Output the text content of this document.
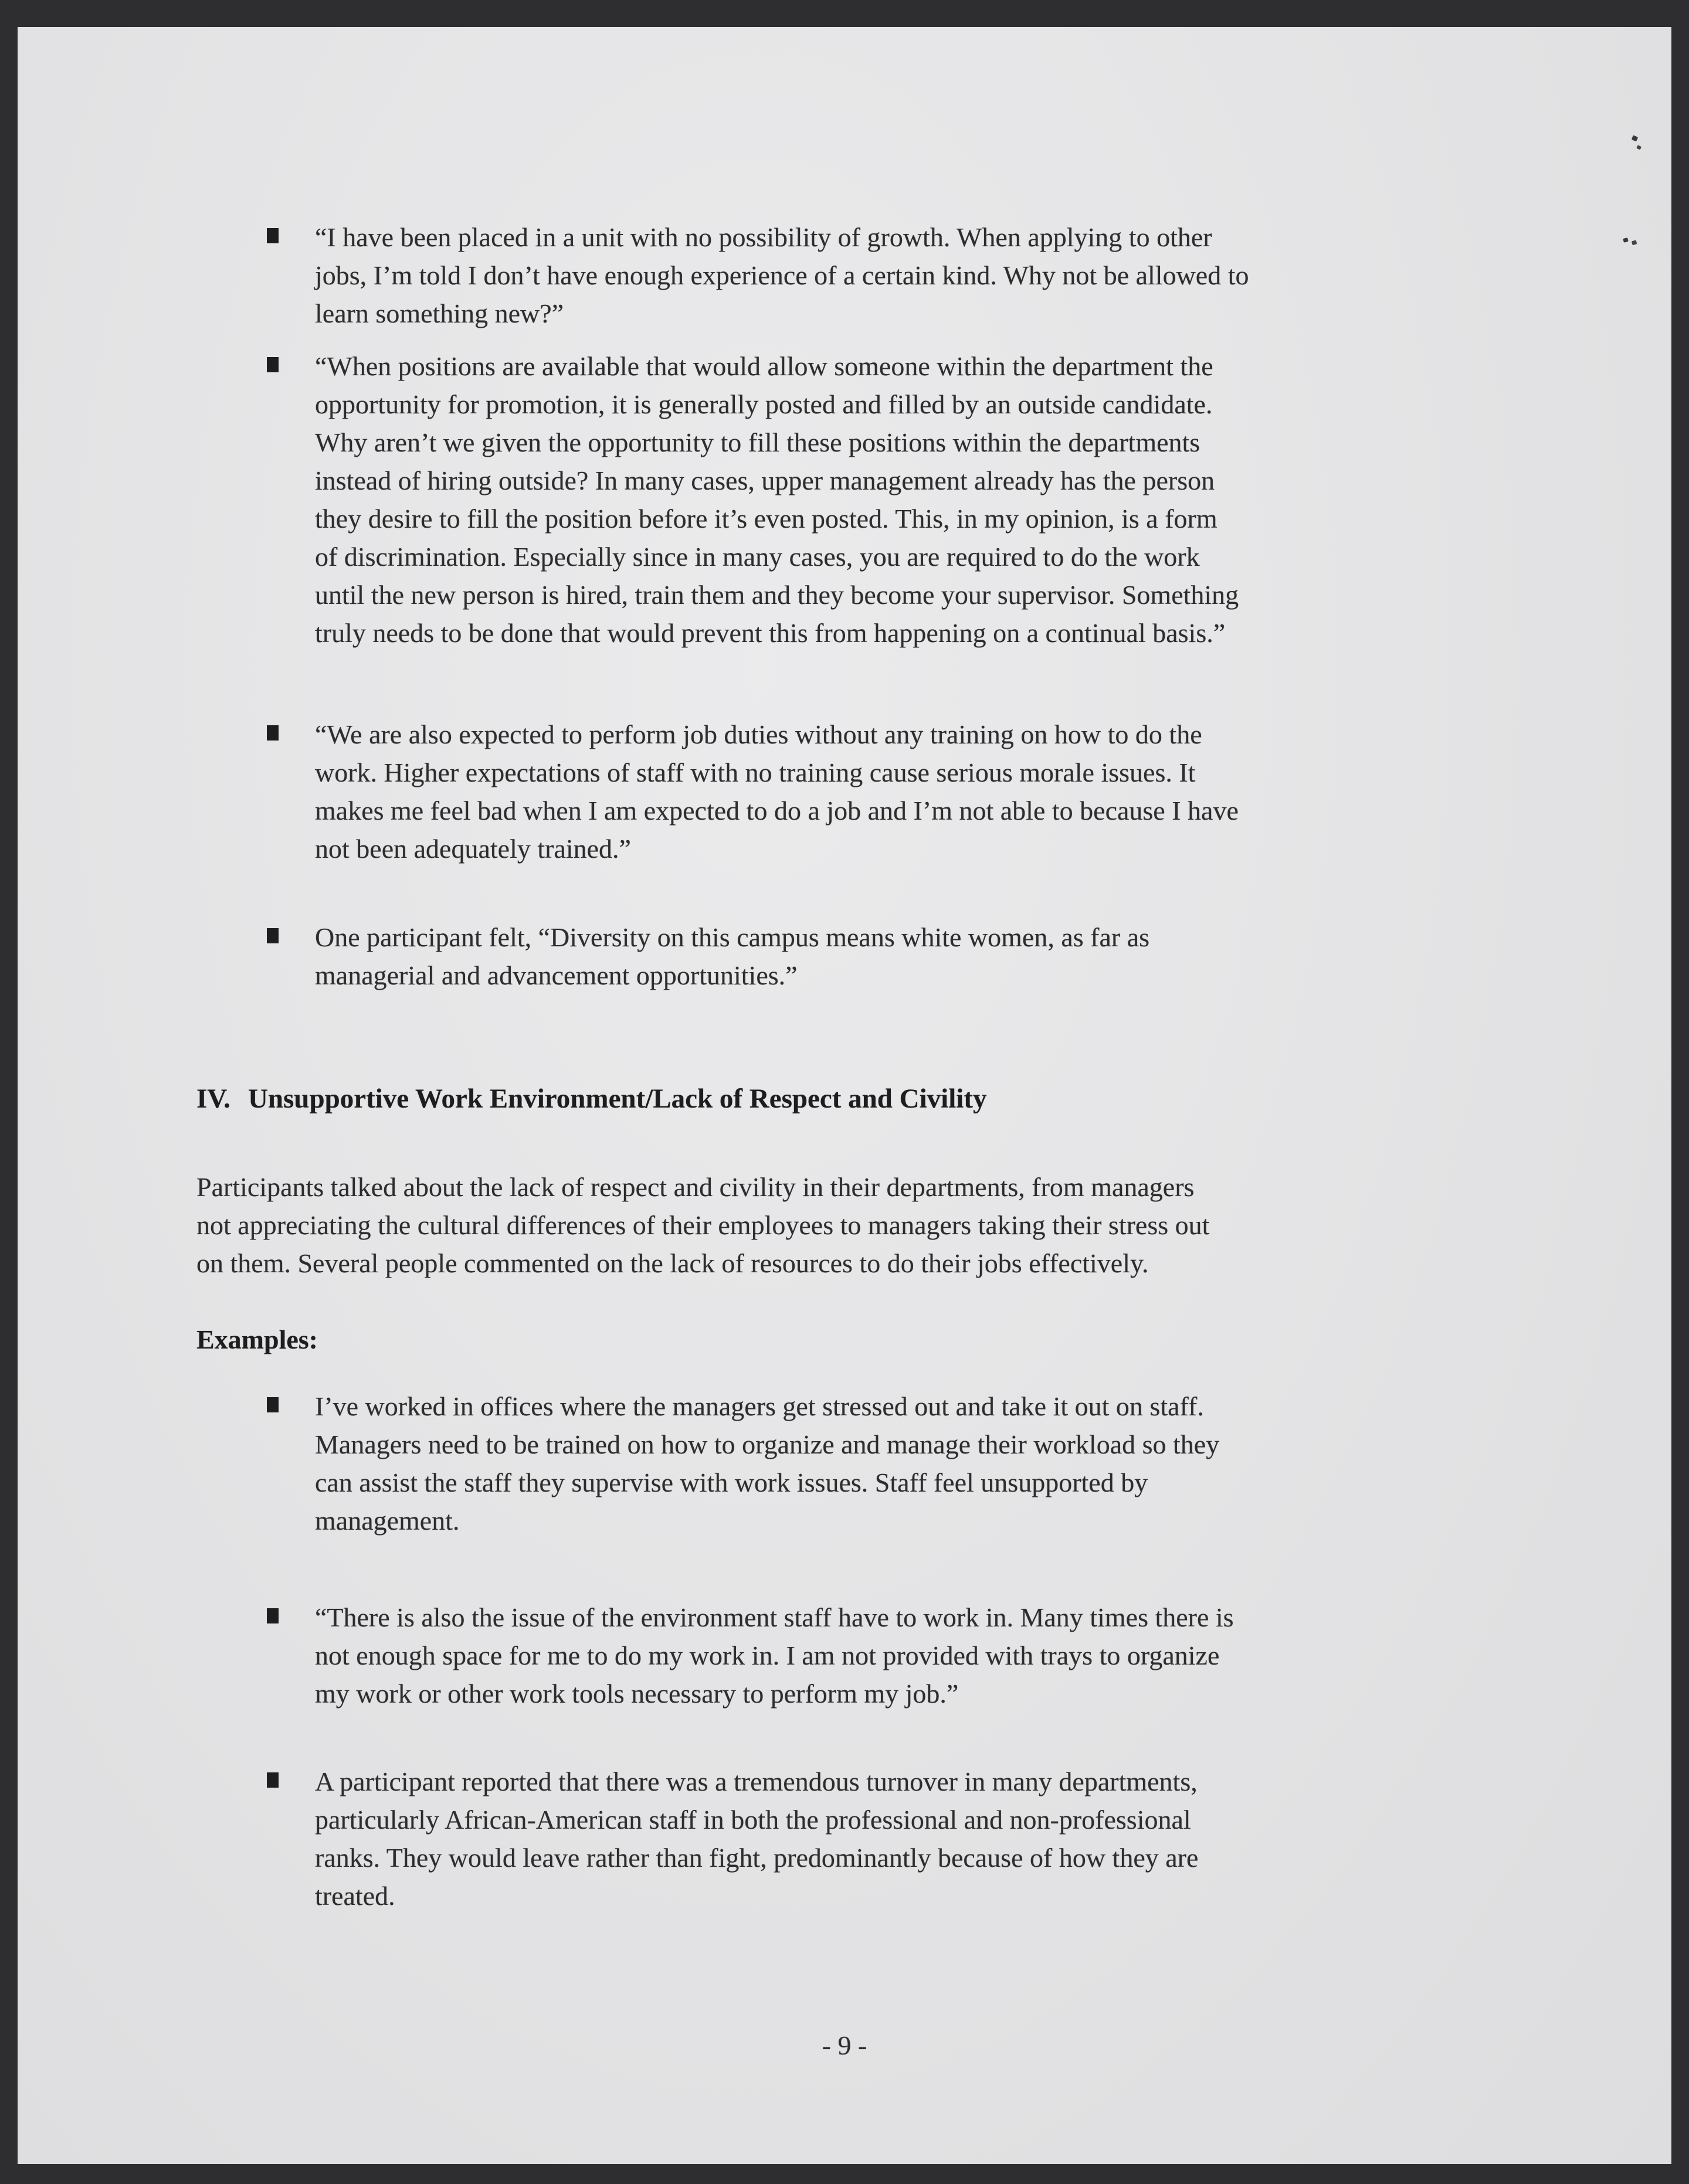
“I have been placed in a unit with no possibility of growth. When applying to other
jobs, I’m told I don’t have enough experience of a certain kind. Why not be allowed to
learn something new?”
“When positions are available that would allow someone within the department the
opportunity for promotion, it is generally posted and filled by an outside candidate.
Why aren’t we given the opportunity to fill these positions within the departments
instead of hiring outside? In many cases, upper management already has the person
they desire to fill the position before it’s even posted. This, in my opinion, is a form
of discrimination. Especially since in many cases, you are required to do the work
until the new person is hired, train them and they become your supervisor. Something
truly needs to be done that would prevent this from happening on a continual basis.”
“We are also expected to perform job duties without any training on how to do the
work. Higher expectations of staff with no training cause serious morale issues. It
makes me feel bad when I am expected to do a job and I’m not able to because I have
not been adequately trained.”
One participant felt, “Diversity on this campus means white women, as far as
managerial and advancement opportunities.”
IV. Unsupportive Work Environment/Lack of Respect and Civility
Participants talked about the lack of respect and civility in their departments, from managers
not appreciating the cultural differences of their employees to managers taking their stress out
on them. Several people commented on the lack of resources to do their jobs effectively.
Examples:
I’ve worked in offices where the managers get stressed out and take it out on staff.
Managers need to be trained on how to organize and manage their workload so they
can assist the staff they supervise with work issues. Staff feel unsupported by
management.
“There is also the issue of the environment staff have to work in. Many times there is
not enough space for me to do my work in. I am not provided with trays to organize
my work or other work tools necessary to perform my job.”
A participant reported that there was a tremendous turnover in many departments,
particularly African-American staff in both the professional and non-professional
ranks. They would leave rather than fight, predominantly because of how they are
treated.
- 9 -
